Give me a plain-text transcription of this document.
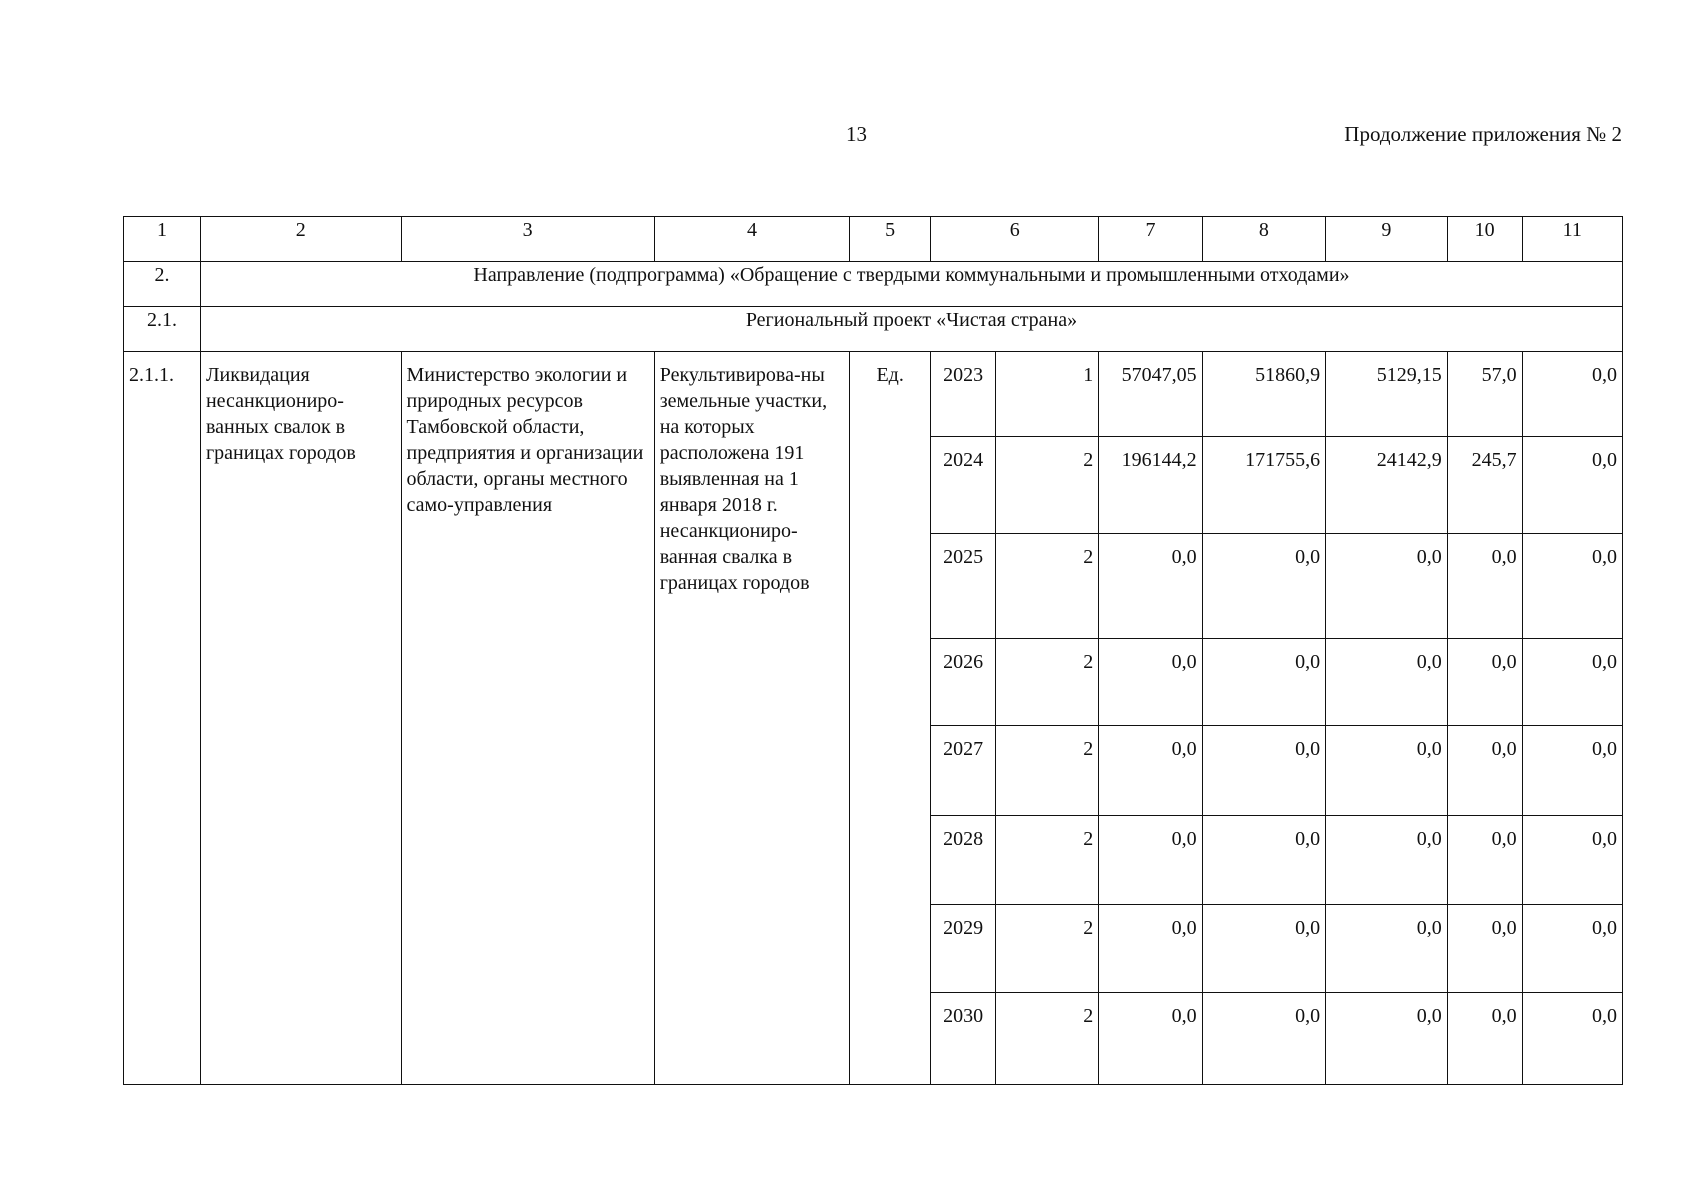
13	Продолжение приложения № 2
1	2	3	4	5	6		7	8	9	10	11
2.	Направление (подпрограмма) «Обращение с твердыми коммунальными и промышленными отходами»										
2.1.	Региональный проект «Чистая страна»										
2.1.1.	Ликвидация несанкциониро-ванных свалок в границах городов	Министерство экологии и природных ресурсов Тамбовской области, предприятия и организации области, органы местного само-управления	Рекультивирова-ны земельные участки, на которых расположена 191 выявленная на 1 января 2018 г. несанкциониро-ванная свалка в границах городов	Ед.	2023	1	57047,05	51860,9	5129,15	57,0	0,0
					2024	2	196144,2	171755,6	24142,9	245,7	0,0
					2025	2	0,0	0,0	0,0	0,0	0,0
					2026	2	0,0	0,0	0,0	0,0	0,0
					2027	2	0,0	0,0	0,0	0,0	0,0
					2028	2	0,0	0,0	0,0	0,0	0,0
					2029	2	0,0	0,0	0,0	0,0	0,0
					2030	2	0,0	0,0	0,0	0,0	0,0
